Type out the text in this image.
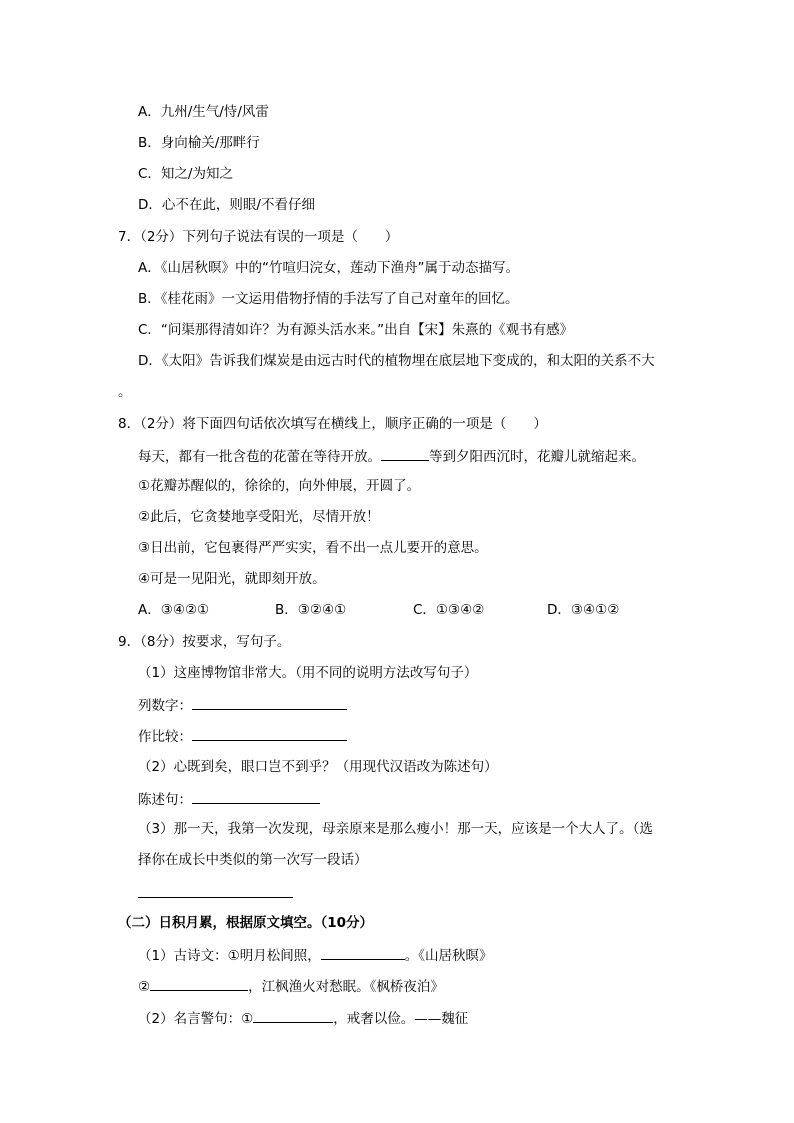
A．九州/生气/恃/风雷
B．身向榆关/那畔行
C．知之/为知之
D．心不在此，则眼/不看仔细
7．（2分）下列句子说法有误的一项是（　　）
A．《山居秋暝》中的“竹喧归浣女，莲动下渔舟”属于动态描写。
B．《桂花雨》一文运用借物抒情的手法写了自己对童年的回忆。
C．“问渠那得清如许？为有源头活水来。”出自【宋】朱熹的《观书有感》
D．《太阳》告诉我们煤炭是由远古时代的植物埋在底层地下变成的，和太阳的关系不大
。
8．（2分）将下面四句话依次填写在横线上，顺序正确的一项是（　　）
每天，都有一批含苞的花蕾在等待开放。	等到夕阳西沉时，花瓣儿就缩起来。
①花瓣苏醒似的，徐徐的，向外伸展，开圆了。
②此后，它贪婪地享受阳光，尽情开放！
③日出前，它包裹得严严实实，看不出一点儿要开的意思。
④可是一见阳光，就即刻开放。
A．③④②①	B．③②④①	C．①③④②	D．③④①②
9．（8分）按要求，写句子。
（1）这座博物馆非常大。（用不同的说明方法改写句子）
列数字：
作比较：
（2）心既到矣，眼口岂不到乎？（用现代汉语改为陈述句）
陈述句：
（3）那一天，我第一次发现，母亲原来是那么瘦小！那一天，应该是一个大人了。（选
择你在成长中类似的第一次写一段话）
（二）日积月累，根据原文填空。（10分）
（1）古诗文：①明月松间照，	。《山居秋暝》
②	，江枫渔火对愁眠。《枫桥夜泊》
（2）名言警句：①	，戒奢以俭。——魏征
